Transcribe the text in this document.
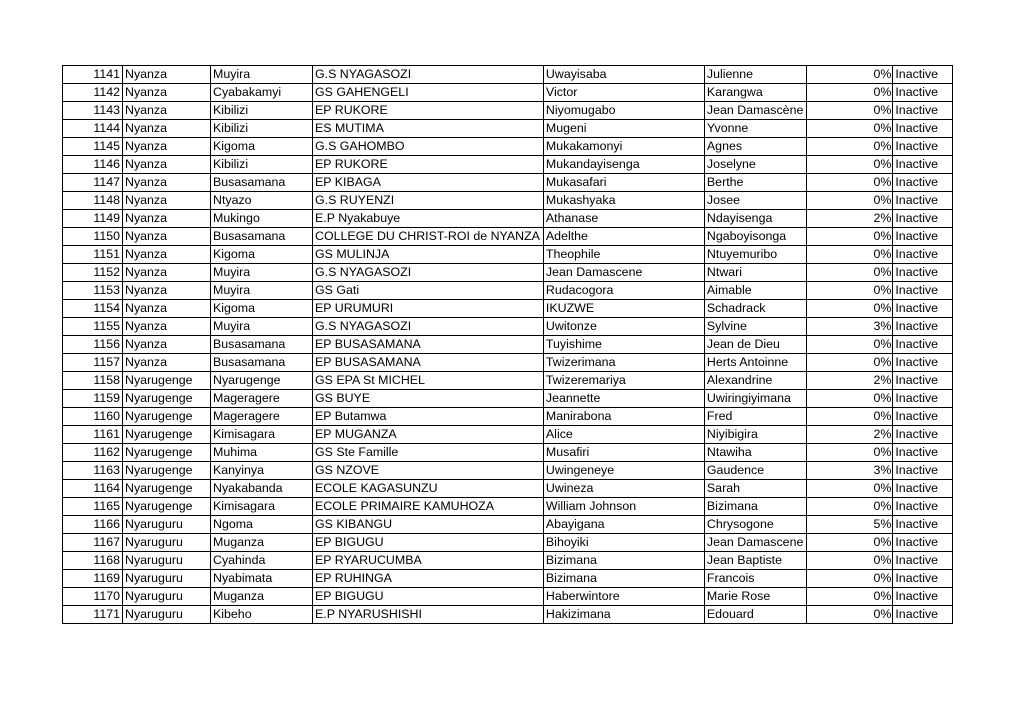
1141	Nyanza	Muyira	G.S NYAGASOZI	Uwayisaba	Julienne	0%	Inactive
1142	Nyanza	Cyabakamyi	GS GAHENGELI	Victor	Karangwa	0%	Inactive
1143	Nyanza	Kibilizi	EP RUKORE	Niyomugabo	Jean Damascène	0%	Inactive
1144	Nyanza	Kibilizi	ES MUTIMA	Mugeni	Yvonne	0%	Inactive
1145	Nyanza	Kigoma	G.S GAHOMBO	Mukakamonyi	Agnes	0%	Inactive
1146	Nyanza	Kibilizi	EP RUKORE	Mukandayisenga	Joselyne	0%	Inactive
1147	Nyanza	Busasamana	EP KIBAGA	Mukasafari	Berthe	0%	Inactive
1148	Nyanza	Ntyazo	G.S RUYENZI	Mukashyaka	Josee	0%	Inactive
1149	Nyanza	Mukingo	E.P Nyakabuye	Athanase	Ndayisenga	2%	Inactive
1150	Nyanza	Busasamana	COLLEGE DU CHRIST-ROI de NYANZA	Adelthe	Ngaboyisonga	0%	Inactive
1151	Nyanza	Kigoma	GS MULINJA	Theophile	Ntuyemuribo	0%	Inactive
1152	Nyanza	Muyira	G.S NYAGASOZI	Jean Damascene	Ntwari	0%	Inactive
1153	Nyanza	Muyira	GS Gati	Rudacogora	Aimable	0%	Inactive
1154	Nyanza	Kigoma	EP URUMURI	IKUZWE	Schadrack	0%	Inactive
1155	Nyanza	Muyira	G.S NYAGASOZI	Uwitonze	Sylvine	3%	Inactive
1156	Nyanza	Busasamana	EP BUSASAMANA	Tuyishime	Jean de Dieu	0%	Inactive
1157	Nyanza	Busasamana	EP BUSASAMANA	Twizerimana	Herts Antoinne	0%	Inactive
1158	Nyarugenge	Nyarugenge	GS EPA St MICHEL	Twizeremariya	Alexandrine	2%	Inactive
1159	Nyarugenge	Mageragere	GS BUYE	Jeannette	Uwiringiyimana	0%	Inactive
1160	Nyarugenge	Mageragere	EP Butamwa	Manirabona	Fred	0%	Inactive
1161	Nyarugenge	Kimisagara	EP MUGANZA	Alice	Niyibigira	2%	Inactive
1162	Nyarugenge	Muhima	GS Ste Famille	Musafiri	Ntawiha	0%	Inactive
1163	Nyarugenge	Kanyinya	GS NZOVE	Uwingeneye	Gaudence	3%	Inactive
1164	Nyarugenge	Nyakabanda	ECOLE KAGASUNZU	Uwineza	Sarah	0%	Inactive
1165	Nyarugenge	Kimisagara	ECOLE PRIMAIRE KAMUHOZA	William Johnson	Bizimana	0%	Inactive
1166	Nyaruguru	Ngoma	GS KIBANGU	Abayigana	Chrysogone	5%	Inactive
1167	Nyaruguru	Muganza	EP BIGUGU	Bihoyiki	Jean Damascene	0%	Inactive
1168	Nyaruguru	Cyahinda	EP RYARUCUMBA	Bizimana	Jean Baptiste	0%	Inactive
1169	Nyaruguru	Nyabimata	EP RUHINGA	Bizimana	Francois	0%	Inactive
1170	Nyaruguru	Muganza	EP BIGUGU	Haberwintore	Marie Rose	0%	Inactive
1171	Nyaruguru	Kibeho	E.P NYARUSHISHI	Hakizimana	Edouard	0%	Inactive
